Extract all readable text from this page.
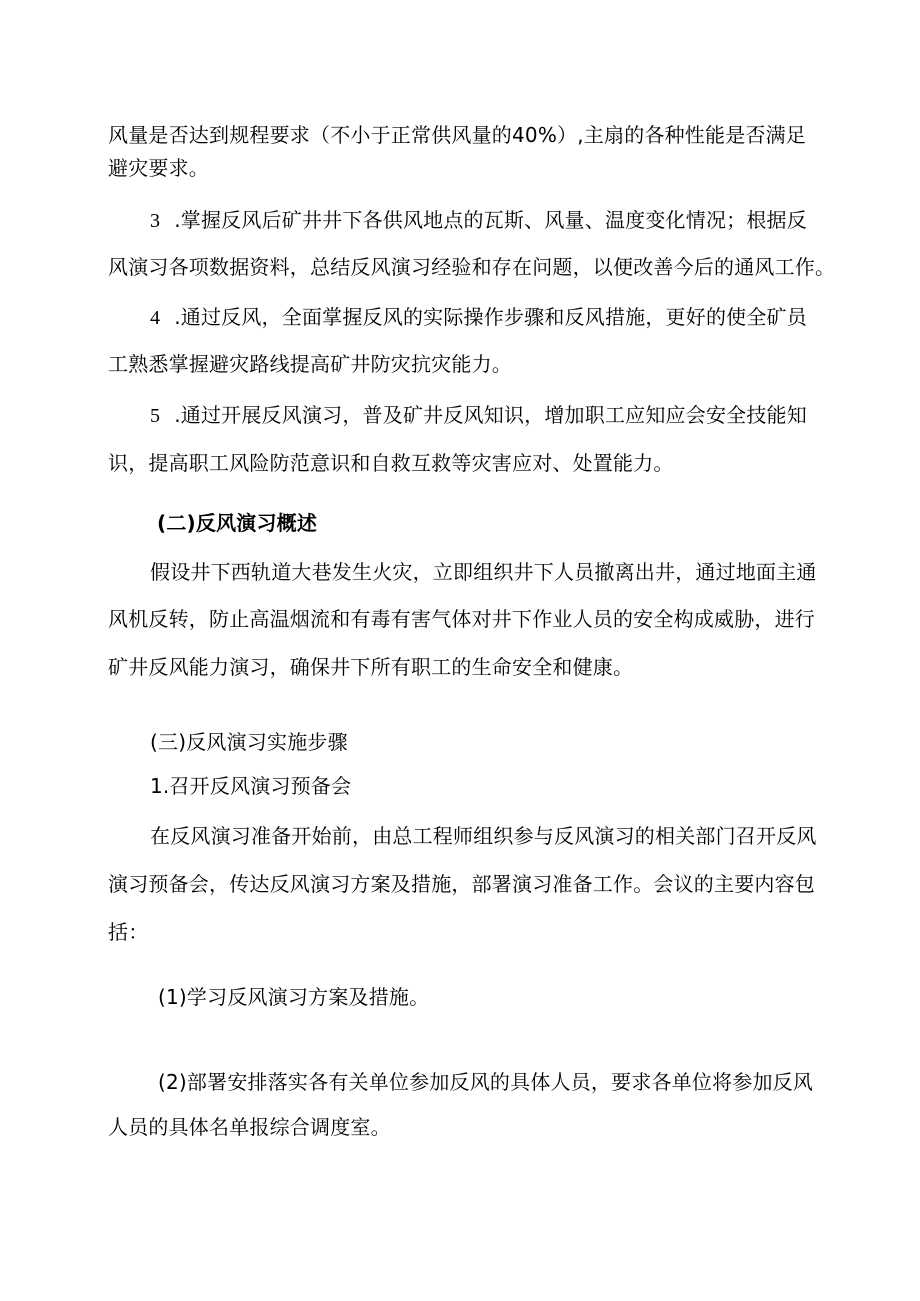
风量是否达到规程要求（不小于正常供风量的40%）,主扇的各种性能是否满足
避灾要求。
3 .掌握反风后矿井井下各供风地点的瓦斯、风量、温度变化情况；根据反
风演习各项数据资料，总结反风演习经验和存在问题，以便改善今后的通风工作。
4 .通过反风，全面掌握反风的实际操作步骤和反风措施，更好的使全矿员
工熟悉掌握避灾路线提高矿井防灾抗灾能力。
5 .通过开展反风演习，普及矿井反风知识，增加职工应知应会安全技能知
识，提高职工风险防范意识和自救互救等灾害应对、处置能力。
(二)反风演习概述
假设井下西轨道大巷发生火灾，立即组织井下人员撤离出井，通过地面主通
风机反转，防止高温烟流和有毒有害气体对井下作业人员的安全构成威胁，进行
矿井反风能力演习，确保井下所有职工的生命安全和健康。
(三)反风演习实施步骤
1.召开反风演习预备会
在反风演习准备开始前，由总工程师组织参与反风演习的相关部门召开反风
演习预备会，传达反风演习方案及措施，部署演习准备工作。会议的主要内容包
括：
(1)学习反风演习方案及措施。
(2)部署安排落实各有关单位参加反风的具体人员，要求各单位将参加反风
人员的具体名单报综合调度室。
